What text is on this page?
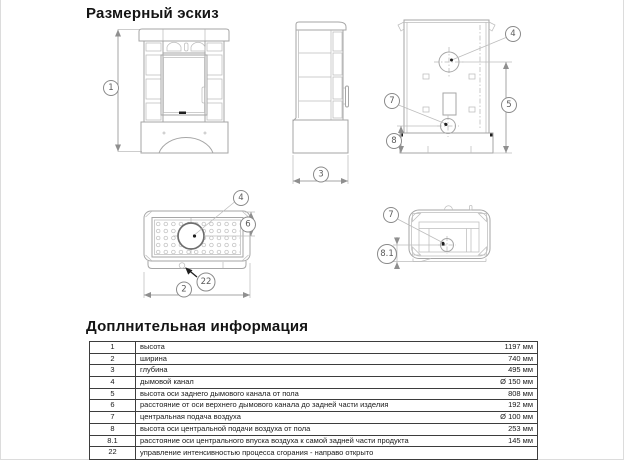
Размерный эскиз
1
3
4
5
7
8
22
4
6
2
7
8.1
Доплнительная информация
1	высота	1197 мм
2	ширина	740 мм
3	глубина	495 мм
4	дымовой канал	Ø 150 мм
5	высота оси заднего дымового канала от пола	808 мм
6	расстояние от оси верхнего дымового канала до задней части изделия	192 мм
7	центральная подача воздуха	Ø 100 мм
8	высота оси центральной подачи воздуха от пола	253 мм
8.1	расстояние оси центрального впуска воздуха к самой задней части продукта	145 мм
22	управление интенсивностью процесса сгорания - направо открыто
